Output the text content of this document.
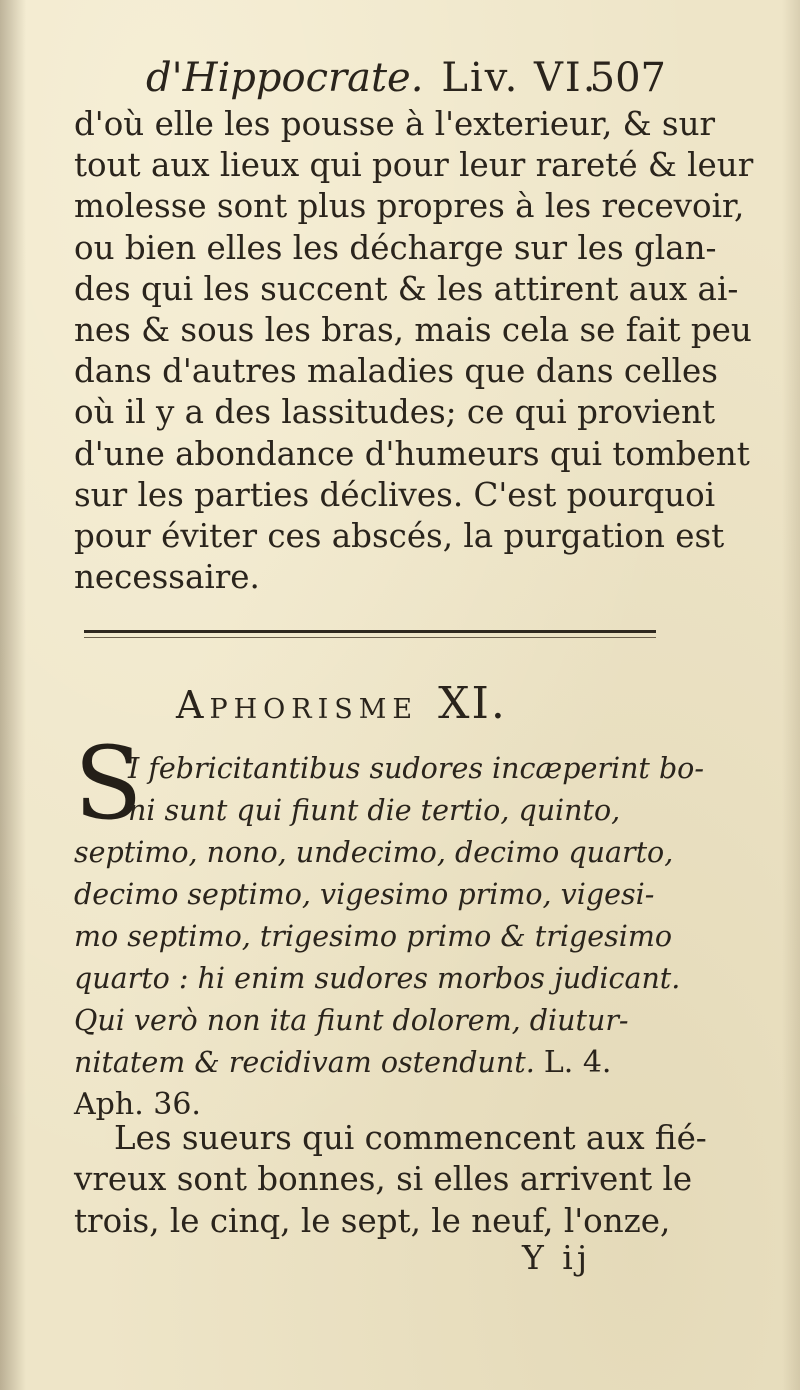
d'Hippocrate. Liv. VI.
507
d'où elle les pousse à l'exterieur, & sur
tout aux lieux qui pour leur rareté & leur
molesse sont plus propres à les recevoir,
ou bien elles les décharge sur les glan-
des qui les succent & les attirent aux ai-
nes & sous les bras, mais cela se fait peu
dans d'autres maladies que dans celles
où il y a des lassitudes; ce qui provient
d'une abondance d'humeurs qui tombent
sur les parties déclives. C'est pourquoi
pour éviter ces abscés, la purgation est
necessaire.
Aphorisme XI.
S
I febricitantibus sudores incæperint bo-
ni sunt qui fiunt die tertio, quinto,
septimo, nono, undecimo, decimo quarto,
decimo septimo, vigesimo primo, vigesi-
mo septimo, trigesimo primo & trigesimo
quarto : hi enim sudores morbos judicant.
Qui verò non ita fiunt dolorem, diutur-
nitatem & recidivam ostendunt. L. 4.
Aph. 36.
Les sueurs qui commencent aux fié-
vreux sont bonnes, si elles arrivent le
trois, le cinq, le sept, le neuf, l'onze,
Y ij
